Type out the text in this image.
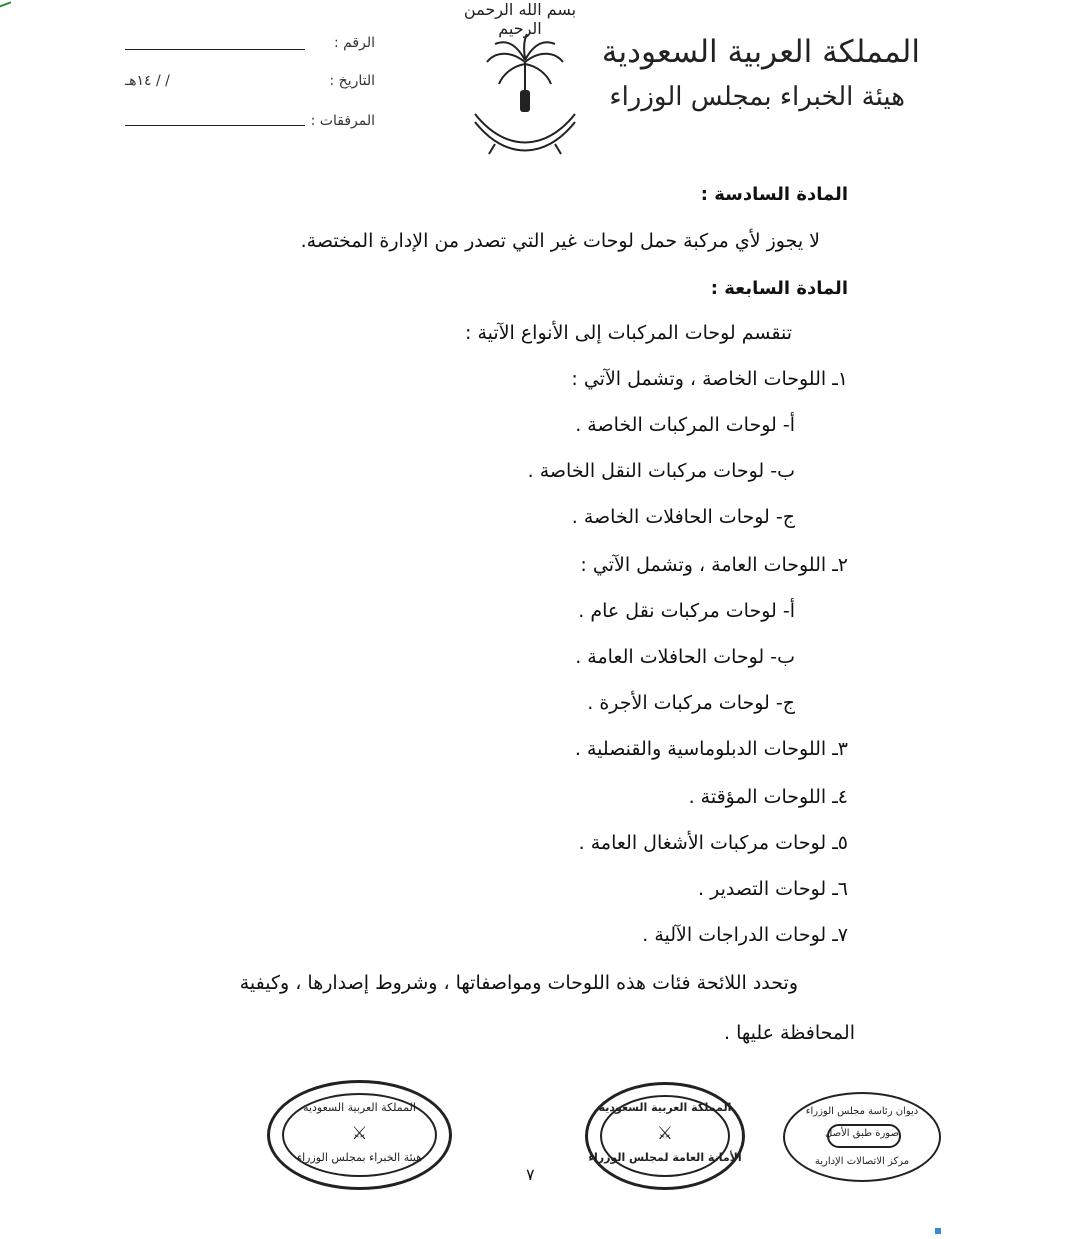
بسم الله الرحمن الرحيم
المملكة العربية السعودية
هيئة الخبراء بمجلس الوزراء
الرقم :
التاريخ :
/ / ١٤هـ
المرفقات :
المادة السادسة :
لا يجوز لأي مركبة حمل لوحات غير التي تصدر من الإدارة المختصة.
المادة السابعة :
تنقسم لوحات المركبات إلى الأنواع الآتية :
١ـ اللوحات الخاصة ، وتشمل الآتي :
أ- لوحات المركبات الخاصة .
ب- لوحات مركبات النقل الخاصة .
ج- لوحات الحافلات الخاصة .
٢ـ اللوحات العامة ، وتشمل الآتي :
أ- لوحات مركبات نقل عام .
ب- لوحات الحافلات العامة .
ج- لوحات مركبات الأجرة .
٣ـ اللوحات الدبلوماسية والقنصلية .
٤ـ اللوحات المؤقتة .
٥ـ لوحات مركبات الأشغال العامة .
٦ـ لوحات التصدير .
٧ـ لوحات الدراجات الآلية .
وتحدد اللائحة فئات هذه اللوحات ومواصفاتها ، وشروط إصدارها ، وكيفية
المحافظة عليها .
المملكة العربية السعودية
⚔
هيئة الخبراء بمجلس الوزراء
المملكة العربية السعودية
⚔
الأمانة العامة لمجلس الوزراء
ديوان رئاسة مجلس الوزراء
صورة طبق الأصل
مركز الاتصالات الإدارية
٧
